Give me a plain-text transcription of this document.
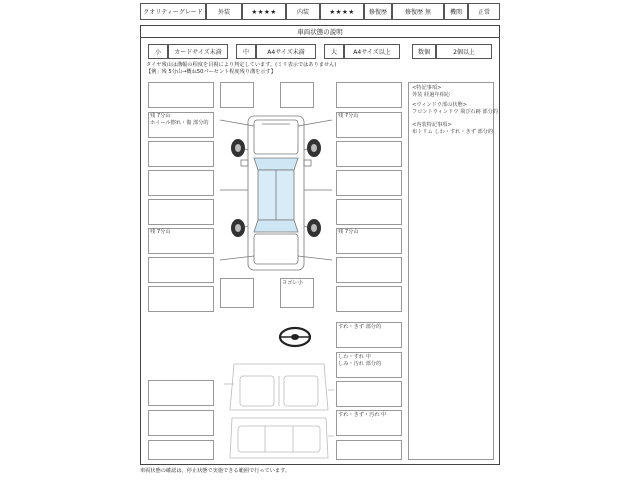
クオリティーグレード	外装	★★★★	内装	★★★★	修復歴	修復歴 無	機関	正常
車両状態の説明
小	カードサイズ未満	中	A4サイズ未満	大	A4サイズ以上	数個	2個以上
タイヤ残山は溝幅の程度を目視により判定しています。(ミリ表示ではありません)
【例」残 5分山→概ね50パーセント程度残り溝を示す】
<特記事項>
外装 経過年相応
<ウィンドウ部の状態>
フロントウィンドウ 飛び石跡 部分的
<内装特記事項>
布トリム しわ・すれ・きず 部分的
残 7分山
ホイール擦れ・傷 部分的
残 7分山
残 7分山	残 7分山
ヨゴレ小
すれ・きず 部分的
しわ・すれ 中
しみ・汚れ 部分的
すれ・きず・汚れ 中
車両状態の確認は、停止状態で実施できる範囲で行っています。
